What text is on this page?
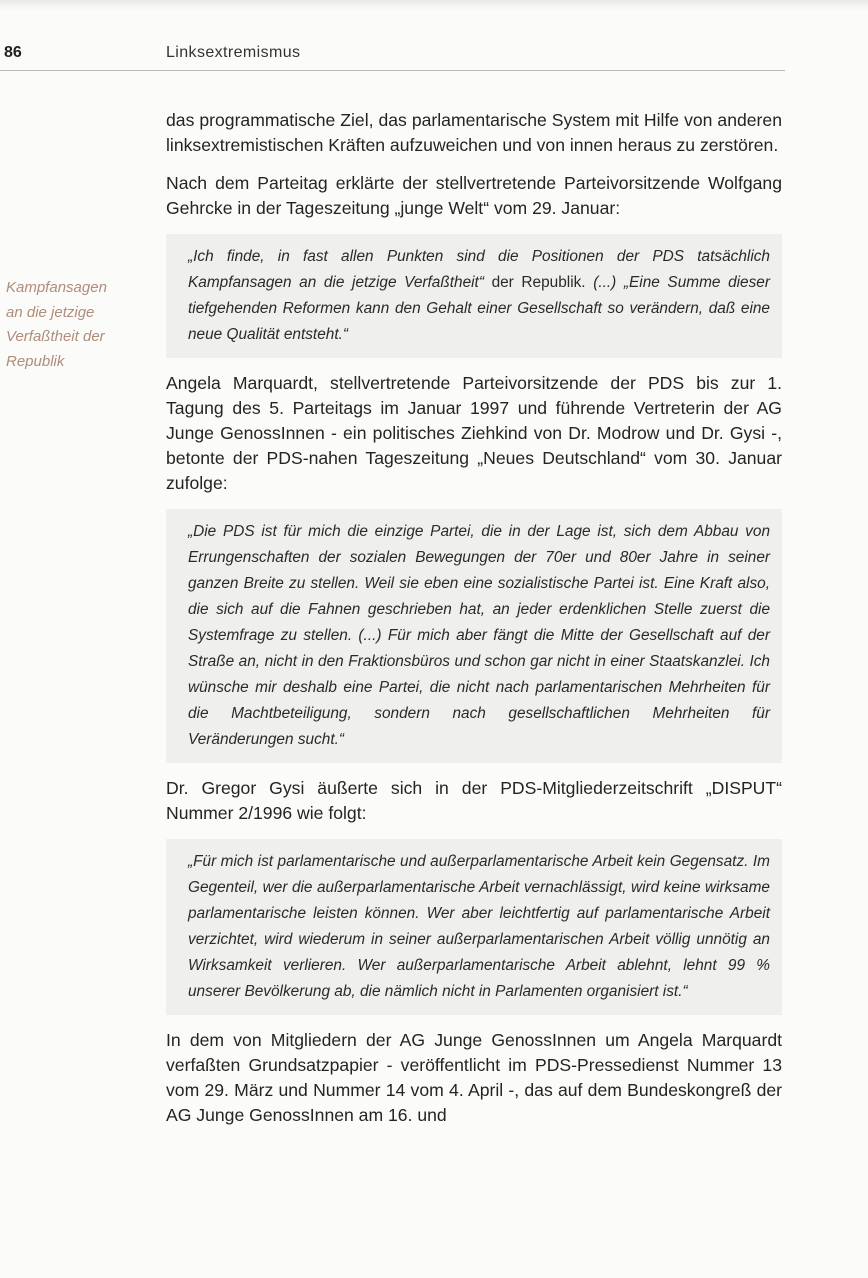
86	Linksextremismus
Kampfansagen
an die jetzige
Verfaßtheit der
Republik

das programmatische Ziel, das parlamentarische System mit Hilfe von anderen linksextremistischen Kräften aufzuweichen und von innen heraus zu zerstören.

Nach dem Parteitag erklärte der stellvertretende Parteivorsitzende Wolfgang Gehrcke in der Tageszeitung „junge Welt“ vom 29. Januar:

„Ich finde, in fast allen Punkten sind die Positionen der PDS tatsächlich Kampfansagen an die jetzige Verfaßtheit“ der Republik. (...) „Eine Summe dieser tiefgehenden Reformen kann den Gehalt einer Gesellschaft so verändern, daß eine neue Qualität entsteht.“

Angela Marquardt, stellvertretende Parteivorsitzende der PDS bis zur 1. Tagung des 5. Parteitags im Januar 1997 und führende Vertreterin der AG Junge GenossInnen - ein politisches Ziehkind von Dr. Modrow und Dr. Gysi -, betonte der PDS-nahen Tageszeitung „Neues Deutschland“ vom 30. Januar zufolge:

„Die PDS ist für mich die einzige Partei, die in der Lage ist, sich dem Abbau von Errungenschaften der sozialen Bewegungen der 70er und 80er Jahre in seiner ganzen Breite zu stellen. Weil sie eben eine sozialistische Partei ist. Eine Kraft also, die sich auf die Fahnen geschrieben hat, an jeder erdenklichen Stelle zuerst die Systemfrage zu stellen. (...) Für mich aber fängt die Mitte der Gesellschaft auf der Straße an, nicht in den Fraktionsbüros und schon gar nicht in einer Staatskanzlei. Ich wünsche mir deshalb eine Partei, die nicht nach parlamentarischen Mehrheiten für die Machtbeteiligung, sondern nach gesellschaftlichen Mehrheiten für Veränderungen sucht.“

Dr. Gregor Gysi äußerte sich in der PDS-Mitgliederzeitschrift „DISPUT“ Nummer 2/1996 wie folgt:

„Für mich ist parlamentarische und außerparlamentarische Arbeit kein Gegensatz. Im Gegenteil, wer die außerparlamentarische Arbeit vernachlässigt, wird keine wirksame parlamentarische leisten können. Wer aber leichtfertig auf parlamentarische Arbeit verzichtet, wird wiederum in seiner außerparlamentarischen Arbeit völlig unnötig an Wirksamkeit verlieren. Wer außerparlamentarische Arbeit ablehnt, lehnt 99 % unserer Bevölkerung ab, die nämlich nicht in Parlamenten organisiert ist.“

In dem von Mitgliedern der AG Junge GenossInnen um Angela Marquardt verfaßten Grundsatzpapier - veröffentlicht im PDS-Pressedienst Nummer 13 vom 29. März und Nummer 14 vom 4. April -, das auf dem Bundeskongreß der AG Junge GenossInnen am 16. und
